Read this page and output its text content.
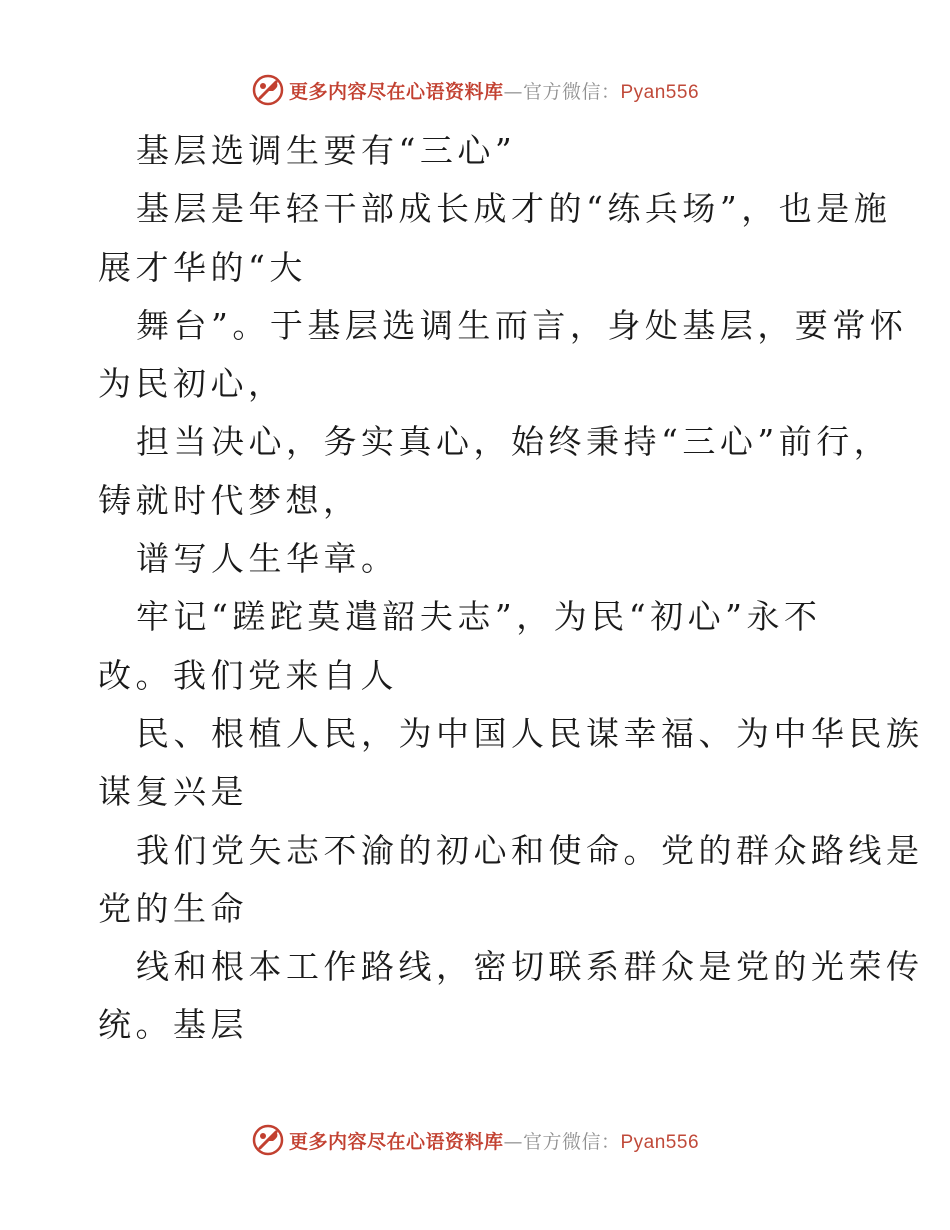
更多内容尽在心语资料库—官方微信：Pyan556
基层选调生要有“三心”
基层是年轻干部成长成才的“练兵场”，也是施
展才华的“大
舞台”。于基层选调生而言，身处基层，要常怀
为民初心，
担当决心，务实真心，始终秉持“三心”前行，
铸就时代梦想，
谱写人生华章。
牢记“蹉跎莫遣韶夫志”，为民“初心”永不
改。我们党来自人
民、根植人民，为中国人民谋幸福、为中华民族
谋复兴是
我们党矢志不渝的初心和使命。党的群众路线是
党的生命
线和根本工作路线，密切联系群众是党的光荣传
统。基层
更多内容尽在心语资料库—官方微信：Pyan556
